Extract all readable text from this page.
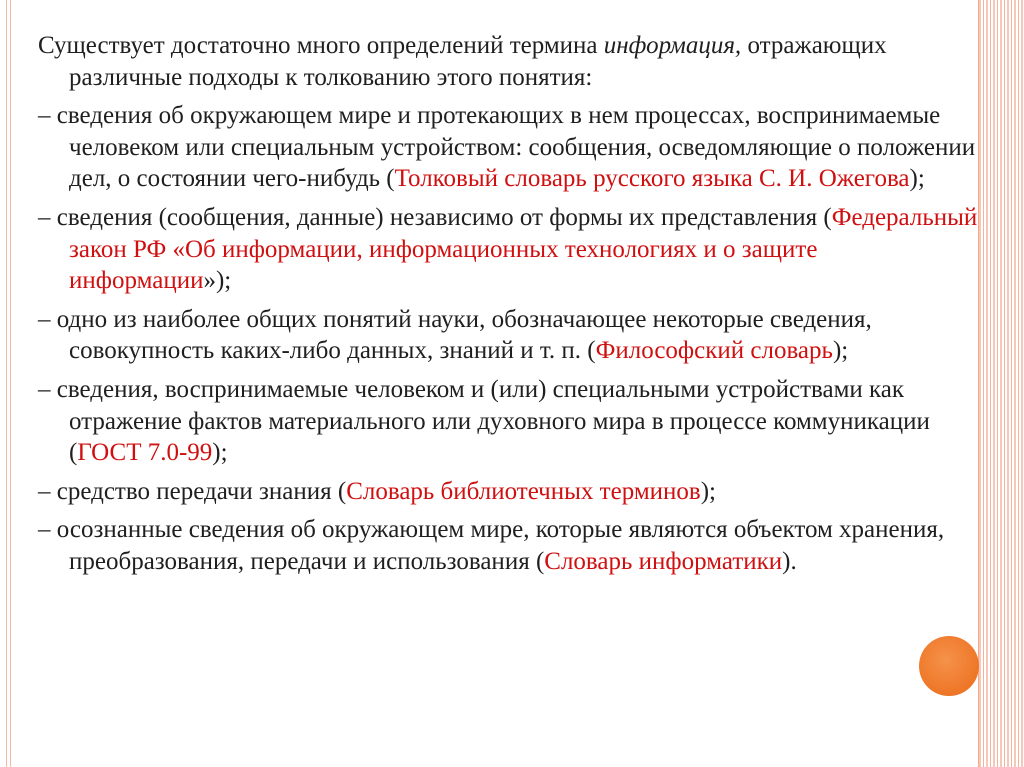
Существует достаточно много определений термина информация, отражающих различные подходы к толкованию этого понятия:

– сведения об окружающем мире и протекающих в нем процессах, воспринимаемые человеком или специальным устройством: сообщения, осведомляющие о положении дел, о состоянии чего-нибудь (Толковый словарь русского языка С. И. Ожегова);

– сведения (сообщения, данные) независимо от формы их представления (Федеральный закон РФ «Об информации, информационных технологиях и о защите информации»);

– одно из наиболее общих понятий науки, обозначающее некоторые сведения, совокупность каких-либо данных, знаний и т. п. (Философский словарь);

– сведения, воспринимаемые человеком и (или) специальными устройствами как отражение фактов материального или духовного мира в процессе коммуникации (ГОСТ 7.0-99);

– средство передачи знания (Словарь библиотечных терминов);

– осознанные сведения об окружающем мире, которые являются объектом хранения, преобразования, передачи и использования (Словарь информатики).
